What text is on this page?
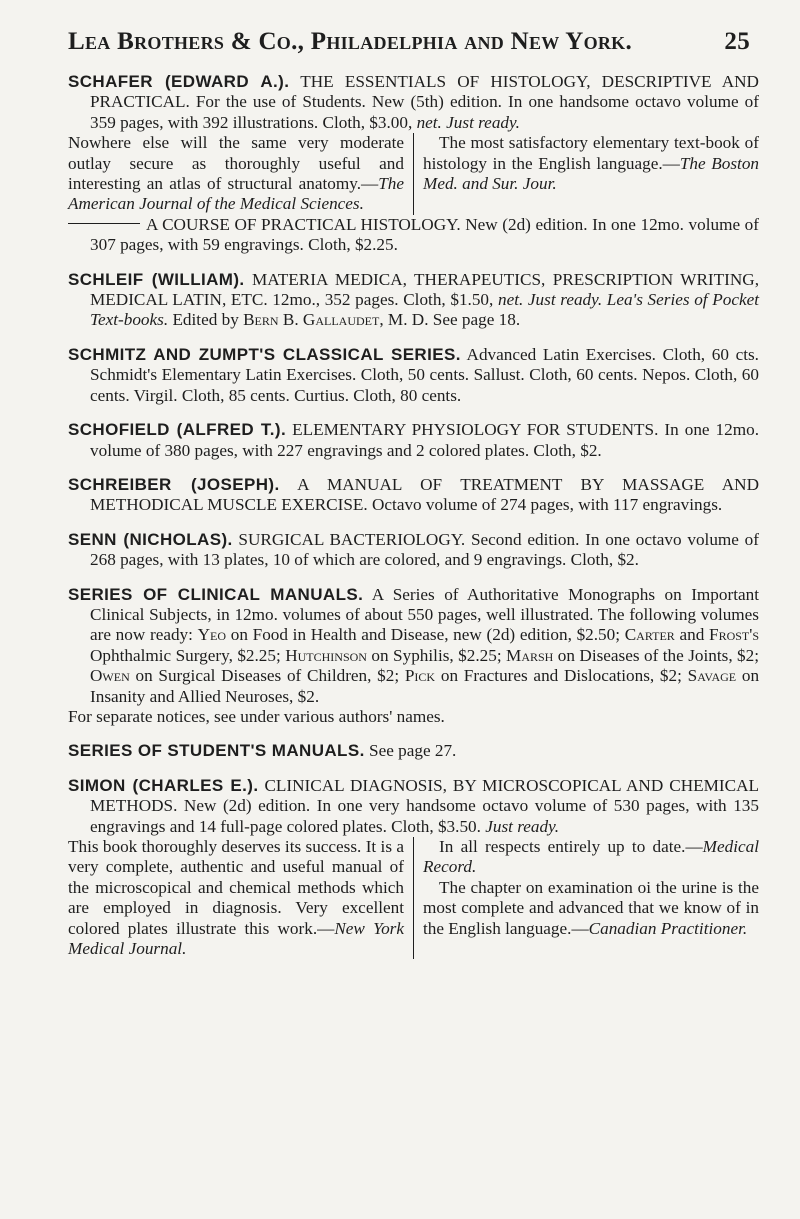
Lea Brothers & Co., Philadelphia and New York.	25

SCHAFER (EDWARD A.). THE ESSENTIALS OF HISTOLOGY, DESCRIPTIVE AND PRACTICAL. For the use of Students. New (5th) edition. In one handsome octavo volume of 359 pages, with 392 illustrations. Cloth, $3.00, net. Just ready.

Nowhere else will the same very moderate outlay secure as thoroughly useful and interesting an atlas of structural anatomy.—The American Journal of the Medical Sciences.

The most satisfactory elementary text-book of histology in the English language.—The Boston Med. and Sur. Jour.

A COURSE OF PRACTICAL HISTOLOGY. New (2d) edition. In one 12mo. volume of 307 pages, with 59 engravings. Cloth, $2.25.

SCHLEIF (WILLIAM). MATERIA MEDICA, THERAPEUTICS, PRESCRIPTION WRITING, MEDICAL LATIN, ETC. 12mo., 352 pages. Cloth, $1.50, net. Just ready. Lea's Series of Pocket Text-books. Edited by Bern B. Gallaudet, M. D. See page 18.

SCHMITZ AND ZUMPT'S CLASSICAL SERIES. Advanced Latin Exercises. Cloth, 60 cts. Schmidt's Elementary Latin Exercises. Cloth, 50 cents. Sallust. Cloth, 60 cents. Nepos. Cloth, 60 cents. Virgil. Cloth, 85 cents. Curtius. Cloth, 80 cents.

SCHOFIELD (ALFRED T.). ELEMENTARY PHYSIOLOGY FOR STUDENTS. In one 12mo. volume of 380 pages, with 227 engravings and 2 colored plates. Cloth, $2.

SCHREIBER (JOSEPH). A MANUAL OF TREATMENT BY MASSAGE AND METHODICAL MUSCLE EXERCISE. Octavo volume of 274 pages, with 117 engravings.

SENN (NICHOLAS). SURGICAL BACTERIOLOGY. Second edition. In one octavo volume of 268 pages, with 13 plates, 10 of which are colored, and 9 engravings. Cloth, $2.

SERIES OF CLINICAL MANUALS. A Series of Authoritative Monographs on Important Clinical Subjects, in 12mo. volumes of about 550 pages, well illustrated. The following volumes are now ready: Yeo on Food in Health and Disease, new (2d) edition, $2.50; Carter and Frost's Ophthalmic Surgery, $2.25; Hutchinson on Syphilis, $2.25; Marsh on Diseases of the Joints, $2; Owen on Surgical Diseases of Children, $2; Pick on Fractures and Dislocations, $2; Savage on Insanity and Allied Neuroses, $2.

For separate notices, see under various authors' names.

SERIES OF STUDENT'S MANUALS. See page 27.

SIMON (CHARLES E.). CLINICAL DIAGNOSIS, BY MICROSCOPICAL AND CHEMICAL METHODS. New (2d) edition. In one very handsome octavo volume of 530 pages, with 135 engravings and 14 full-page colored plates. Cloth, $3.50. Just ready.

This book thoroughly deserves its success. It is a very complete, authentic and useful manual of the microscopical and chemical methods which are employed in diagnosis. Very excellent colored plates illustrate this work.—New York Medical Journal.

In all respects entirely up to date.—Medical Record.

The chapter on examination oi the urine is the most complete and advanced that we know of in the English language.—Canadian Practitioner.
